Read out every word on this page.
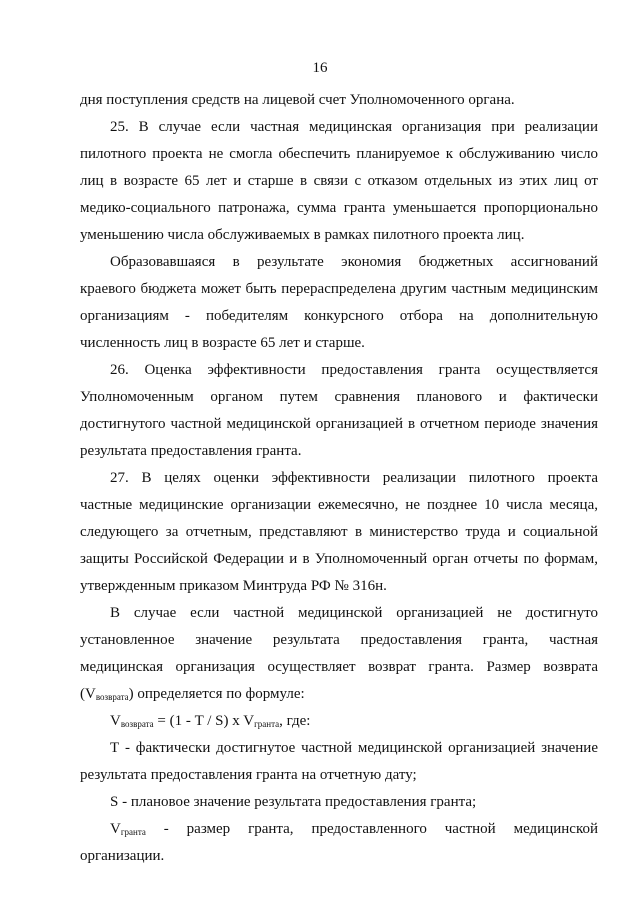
16
дня поступления средств на лицевой счет Уполномоченного органа.
25. В случае если частная медицинская организация при реализации
пилотного проекта не смогла обеспечить планируемое к обслуживанию число
лиц в возрасте 65 лет и старше в связи с отказом отдельных из этих лиц от
медико-социального патронажа, сумма гранта уменьшается пропорционально
уменьшению числа обслуживаемых в рамках пилотного проекта лиц.
Образовавшаяся в результате экономия бюджетных ассигнований
краевого бюджета может быть перераспределена другим частным медицинским
организациям - победителям конкурсного отбора на дополнительную
численность лиц в возрасте 65 лет и старше.
26. Оценка эффективности предоставления гранта осуществляется
Уполномоченным органом путем сравнения планового и фактически
достигнутого частной медицинской организацией в отчетном периоде значения
результата предоставления гранта.
27. В целях оценки эффективности реализации пилотного проекта
частные медицинские организации ежемесячно, не позднее 10 числа месяца,
следующего за отчетным, представляют в министерство труда и социальной
защиты Российской Федерации и в Уполномоченный орган отчеты по формам,
утвержденным приказом Минтруда РФ № 316н.
В случае если частной медицинской организацией не достигнуто
установленное значение результата предоставления гранта, частная
медицинская организация осуществляет возврат гранта. Размер возврата
$(V_{возврата})$ определяется по формуле:
$V_{возврата} = (1 - T / S)$ x $V_{гранта}$, где:
Т - фактически достигнутое частной медицинской организацией значение
результата предоставления гранта на отчетную дату;
S - плановое значение результата предоставления гранта;
$V_{гранта}$ - размер гранта, предоставленного частной медицинской
организации.
